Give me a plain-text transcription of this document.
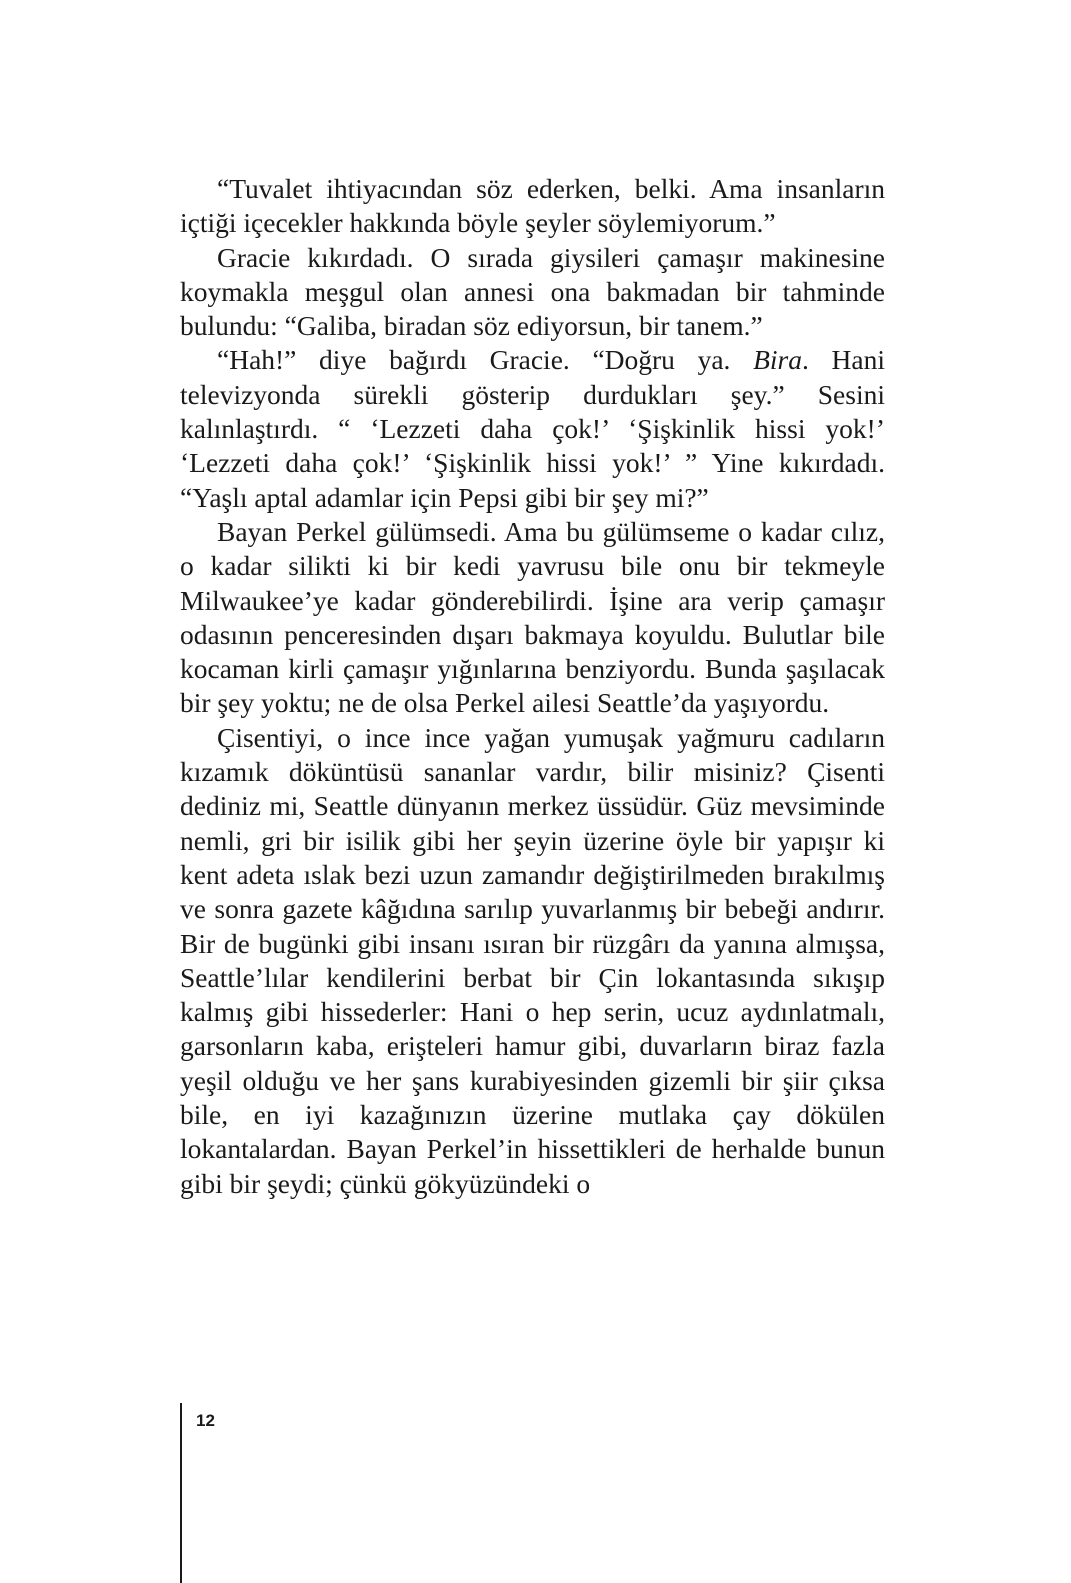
“Tuvalet ihtiyacından söz ederken, belki. Ama insanların içtiği içecekler hakkında böyle şeyler söylemiyorum.”

Gracie kıkırdadı. O sırada giysileri çamaşır makinesine koymakla meşgul olan annesi ona bakmadan bir tahminde bulundu: “Galiba, biradan söz ediyorsun, bir tanem.”

“Hah!” diye bağırdı Gracie. “Doğru ya. Bira. Hani televizyonda sürekli gösterip durdukları şey.” Sesini kalınlaştırdı. “ ‘Lezzeti daha çok!’ ‘Şişkinlik hissi yok!’ ‘Lezzeti daha çok!’ ‘Şişkinlik hissi yok!’ ” Yine kıkırdadı. “Yaşlı aptal adamlar için Pepsi gibi bir şey mi?”

Bayan Perkel gülümsedi. Ama bu gülümseme o kadar cılız, o kadar silikti ki bir kedi yavrusu bile onu bir tekmeyle Milwaukee’ye kadar gönderebilirdi. İşine ara verip çamaşır odasının penceresinden dışarı bakmaya koyuldu. Bulutlar bile kocaman kirli çamaşır yığınlarına benziyordu. Bunda şaşılacak bir şey yoktu; ne de olsa Perkel ailesi Seattle’da yaşıyordu.

Çisentiyi, o ince ince yağan yumuşak yağmuru cadıların kızamık döküntüsü sananlar vardır, bilir misiniz? Çisenti dediniz mi, Seattle dünyanın merkez üssüdür. Güz mevsiminde nemli, gri bir isilik gibi her şeyin üzerine öyle bir yapışır ki kent adeta ıslak bezi uzun zamandır değiştirilmeden bırakılmış ve sonra gazete kâğıdına sarılıp yuvarlanmış bir bebeği andırır. Bir de bugünki gibi insanı ısıran bir rüzgârı da yanına almışsa, Seattle’lılar kendilerini berbat bir Çin lokantasında sıkışıp kalmış gibi hissederler: Hani o hep serin, ucuz aydınlatmalı, garsonların kaba, erişteleri hamur gibi, duvarların biraz fazla yeşil olduğu ve her şans kurabiyesinden gizemli bir şiir çıksa bile, en iyi kazağınızın üzerine mutlaka çay dökülen lokantalardan. Bayan Perkel’in hissettikleri de herhalde bunun gibi bir şeydi; çünkü gökyüzündeki o

12
